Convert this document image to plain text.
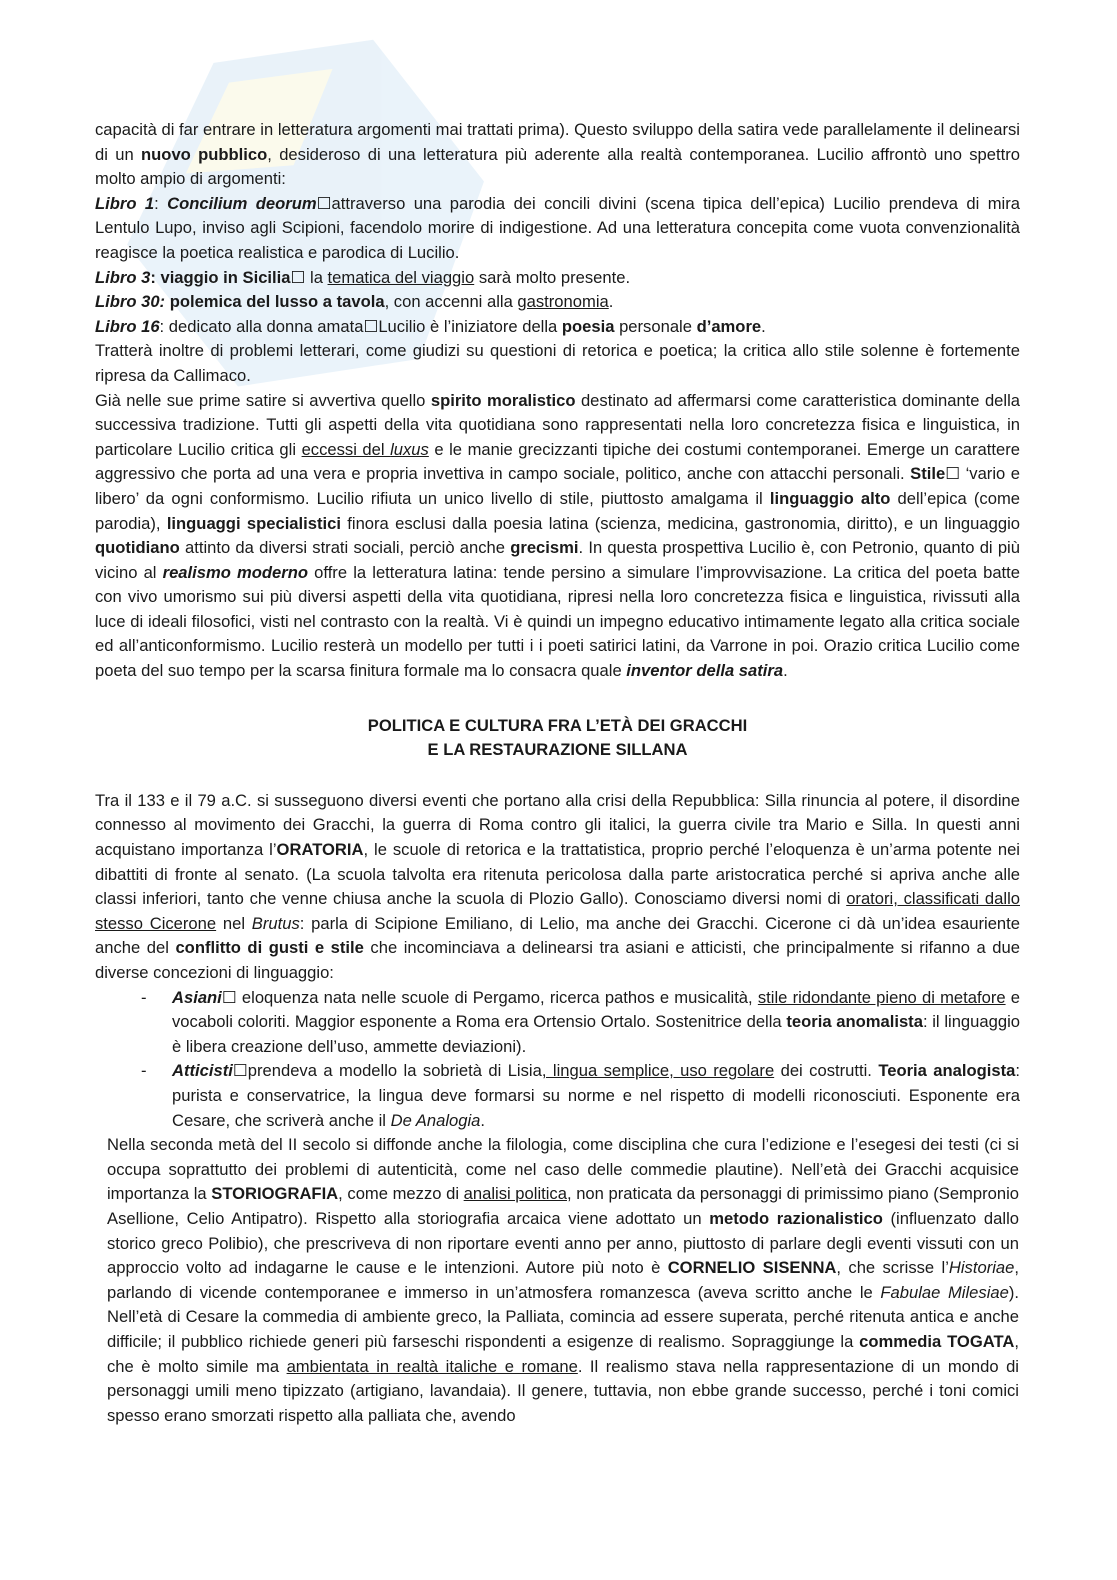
capacità di far entrare in letteratura argomenti mai trattati prima). Questo sviluppo della satira vede parallelamente il delinearsi di un nuovo pubblico, desideroso di una letteratura più aderente alla realtà contemporanea. Lucilio affrontò uno spettro molto ampio di argomenti:

Libro 1: Concilium deorum☐attraverso una parodia dei concili divini (scena tipica dell’epica) Lucilio prendeva di mira Lentulo Lupo, inviso agli Scipioni, facendolo morire di indigestione. Ad una letteratura concepita come vuota convenzionalità reagisce la poetica realistica e parodica di Lucilio.

Libro 3: viaggio in Sicilia☐ la tematica del viaggio sarà molto presente.

Libro 30: polemica del lusso a tavola, con accenni alla gastronomia.

Libro 16: dedicato alla donna amata☐Lucilio è l’iniziatore della poesia personale d’amore.

Tratterà inoltre di problemi letterari, come giudizi su questioni di retorica e poetica; la critica allo stile solenne è fortemente ripresa da Callimaco.

Già nelle sue prime satire si avvertiva quello spirito moralistico destinato ad affermarsi come caratteristica dominante della successiva tradizione. Tutti gli aspetti della vita quotidiana sono rappresentati nella loro concretezza fisica e linguistica, in particolare Lucilio critica gli eccessi del luxus e le manie grecizzanti tipiche dei costumi contemporanei. Emerge un carattere aggressivo che porta ad una vera e propria invettiva in campo sociale, politico, anche con attacchi personali. Stile☐ ‘vario e libero’ da ogni conformismo. Lucilio rifiuta un unico livello di stile, piuttosto amalgama il linguaggio alto dell’epica (come parodia), linguaggi specialistici finora esclusi dalla poesia latina (scienza, medicina, gastronomia, diritto), e un linguaggio quotidiano attinto da diversi strati sociali, perciò anche grecismi. In questa prospettiva Lucilio è, con Petronio, quanto di più vicino al realismo moderno offre la letteratura latina: tende persino a simulare l’improvvisazione. La critica del poeta batte con vivo umorismo sui più diversi aspetti della vita quotidiana, ripresi nella loro concretezza fisica e linguistica, rivissuti alla luce di ideali filosofici, visti nel contrasto con la realtà. Vi è quindi un impegno educativo intimamente legato alla critica sociale ed all’anticonformismo. Lucilio resterà un modello per tutti i i poeti satirici latini, da Varrone in poi. Orazio critica Lucilio come poeta del suo tempo per la scarsa finitura formale ma lo consacra quale inventor della satira.

POLITICA E CULTURA FRA L’ETÀ DEI GRACCHI
E LA RESTAURAZIONE SILLANA

Tra il 133 e il 79 a.C. si susseguono diversi eventi che portano alla crisi della Repubblica: Silla rinuncia al potere, il disordine connesso al movimento dei Gracchi, la guerra di Roma contro gli italici, la guerra civile tra Mario e Silla. In questi anni acquistano importanza l’ORATORIA, le scuole di retorica e la trattatistica, proprio perché l’eloquenza è un’arma potente nei dibattiti di fronte al senato. (La scuola talvolta era ritenuta pericolosa dalla parte aristocratica perché si apriva anche alle classi inferiori, tanto che venne chiusa anche la scuola di Plozio Gallo). Conosciamo diversi nomi di oratori, classificati dallo stesso Cicerone nel Brutus: parla di Scipione Emiliano, di Lelio, ma anche dei Gracchi. Cicerone ci dà un’idea esauriente anche del conflitto di gusti e stile che incominciava a delinearsi tra asiani e atticisti, che principalmente si rifanno a due diverse concezioni di linguaggio:

- Asiani☐ eloquenza nata nelle scuole di Pergamo, ricerca pathos e musicalità, stile ridondante pieno di metafore e vocaboli coloriti. Maggior esponente a Roma era Ortensio Ortalo. Sostenitrice della teoria anomalista: il linguaggio è libera creazione dell’uso, ammette deviazioni).
- Atticisti☐prendeva a modello la sobrietà di Lisia, lingua semplice, uso regolare dei costrutti. Teoria analogista: purista e conservatrice, la lingua deve formarsi su norme e nel rispetto di modelli riconosciuti. Esponente era Cesare, che scriverà anche il De Analogia.

Nella seconda metà del II secolo si diffonde anche la filologia, come disciplina che cura l’edizione e l’esegesi dei testi (ci si occupa soprattutto dei problemi di autenticità, come nel caso delle commedie plautine). Nell’età dei Gracchi acquisice importanza la STORIOGRAFIA, come mezzo di analisi politica, non praticata da personaggi di primissimo piano (Sempronio Asellione, Celio Antipatro). Rispetto alla storiografia arcaica viene adottato un metodo razionalistico (influenzato dallo storico greco Polibio), che prescriveva di non riportare eventi anno per anno, piuttosto di parlare degli eventi vissuti con un approccio volto ad indagarne le cause e le intenzioni. Autore più noto è CORNELIO SISENNA, che scrisse l’Historiae, parlando di vicende contemporanee e immerso in un’atmosfera romanzesca (aveva scritto anche le Fabulae Milesiae). Nell’età di Cesare la commedia di ambiente greco, la Palliata, comincia ad essere superata, perché ritenuta antica e anche difficile; il pubblico richiede generi più farseschi rispondenti a esigenze di realismo. Sopraggiunge la commedia TOGATA, che è molto simile ma ambientata in realtà italiche e romane. Il realismo stava nella rappresentazione di un mondo di personaggi umili meno tipizzato (artigiano, lavandaia). Il genere, tuttavia, non ebbe grande successo, perché i toni comici spesso erano smorzati rispetto alla palliata che, avendo
